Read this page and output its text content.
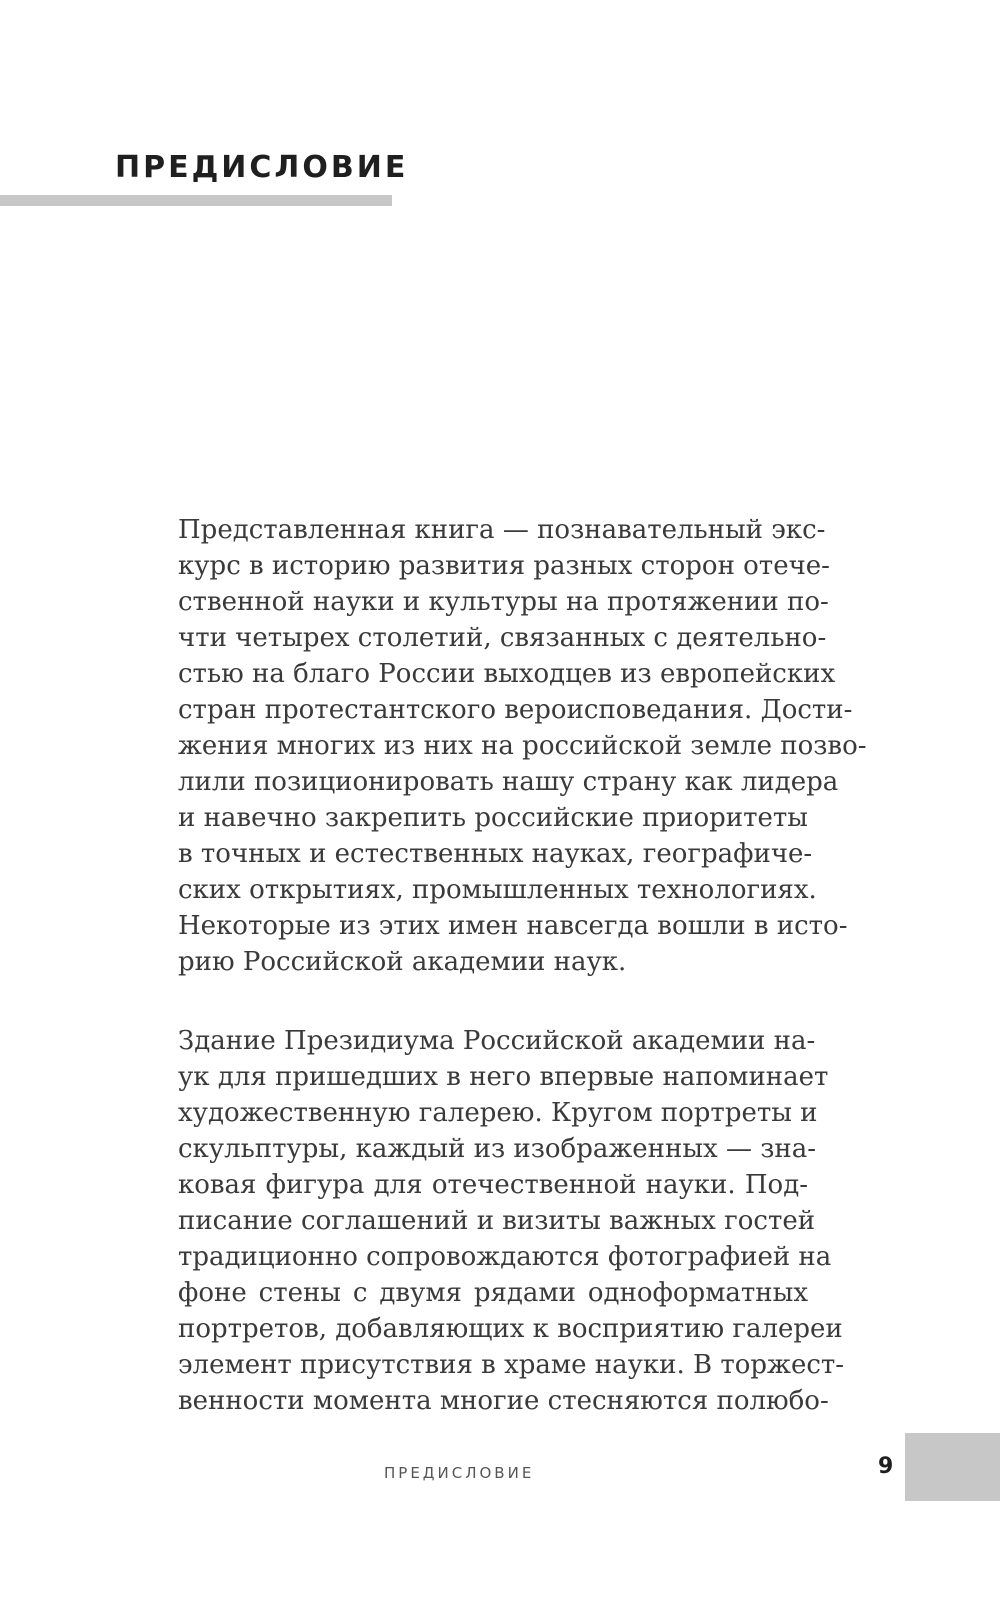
ПРЕДИСЛОВИЕ
Представленная книга — познавательный экс-
курс в историю развития разных сторон отече-
ственной науки и культуры на протяжении по-
чти четырех столетий, связанных с деятельно-
стью на благо России выходцев из европейских
стран протестантского вероисповедания. Дости-
жения многих из них на российской земле позво-
лили позиционировать нашу страну как лидера
и навечно закрепить российские приоритеты
в точных и естественных науках, географиче-
ских открытиях, промышленных технологиях.
Некоторые из этих имен навсегда вошли в исто-
рию Российской академии наук.
Здание Президиума Российской академии на-
ук для пришедших в него впервые напоминает
художественную галерею. Кругом портреты и
скульптуры, каждый из изображенных — зна-
ковая фигура для отечественной науки. Под-
писание соглашений и визиты важных гостей
традиционно сопровождаются фотографией на
фоне стены с двумя рядами одноформатных
портретов, добавляющих к восприятию галереи
элемент присутствия в храме науки. В торжест-
венности момента многие стесняются полюбо-
ПРЕДИСЛОВИЕ	9
